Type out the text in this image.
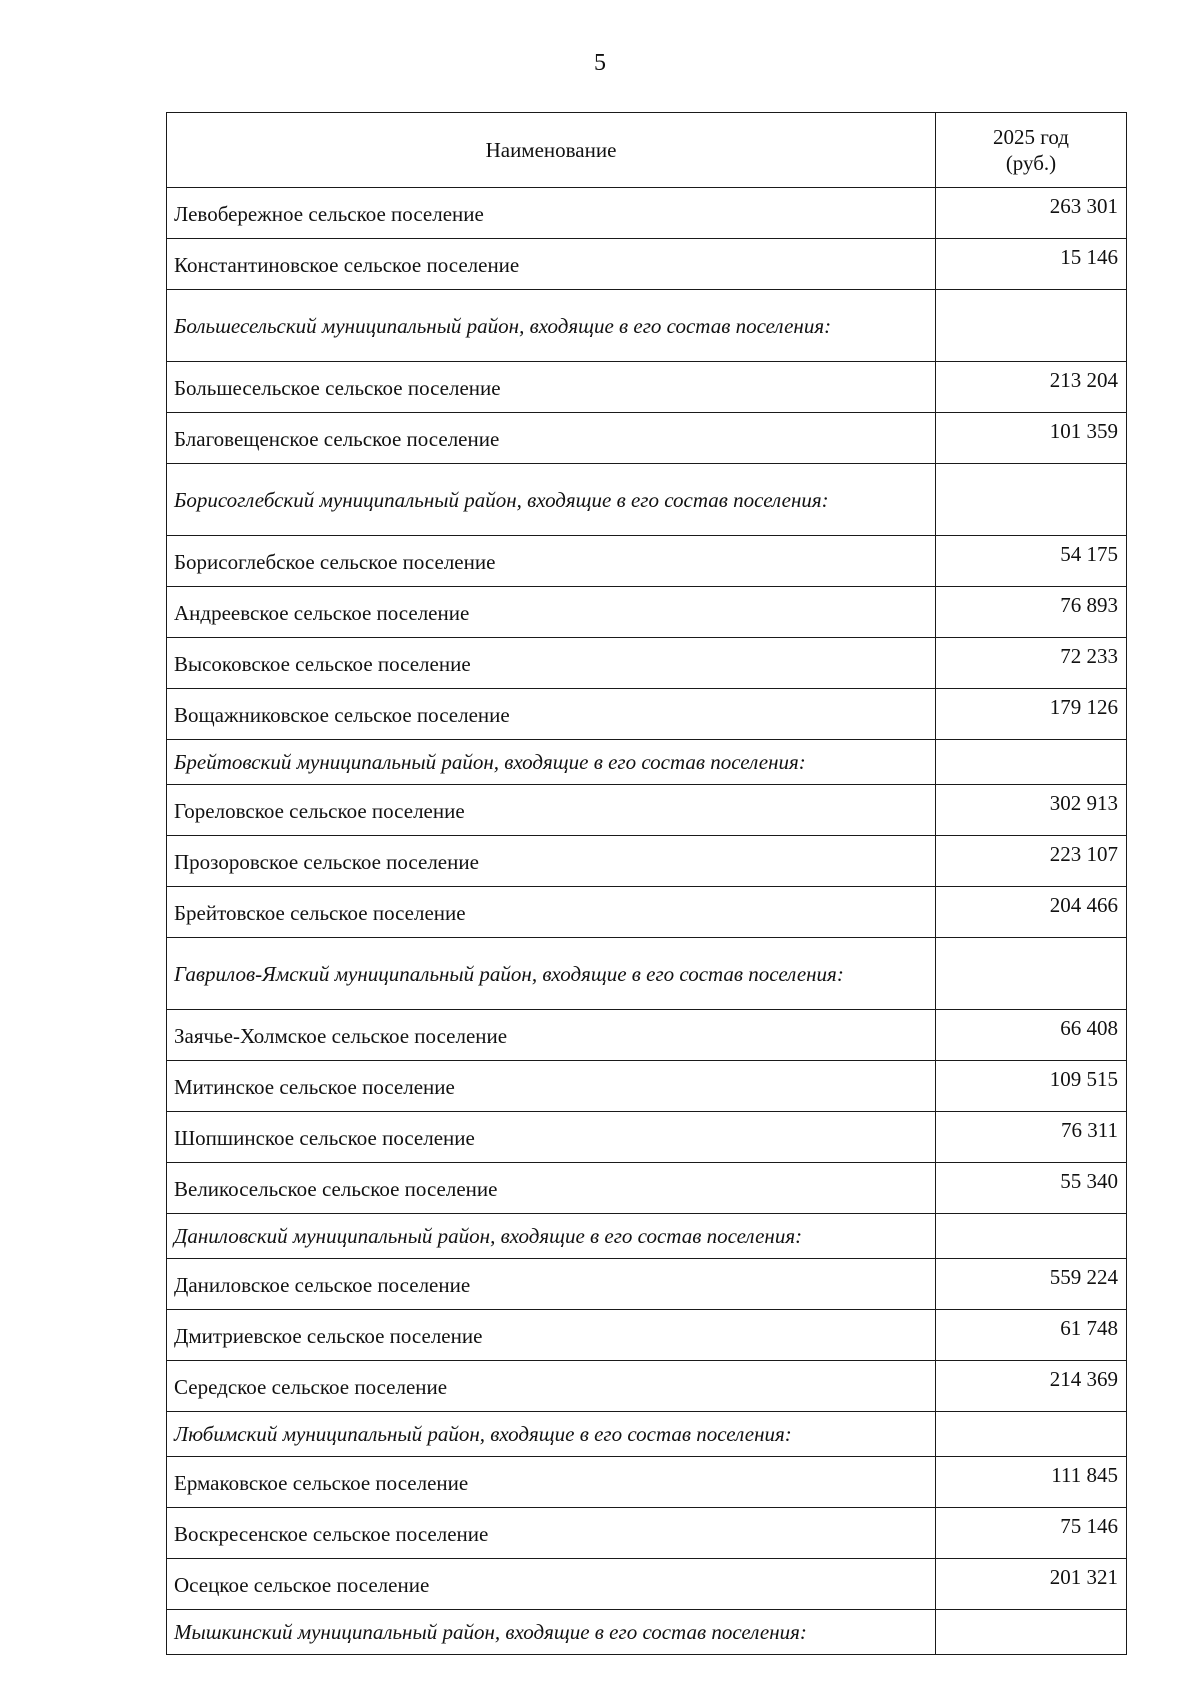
5
Наименование	2025 год
(руб.)
Левобережное сельское поселение	263 301
Константиновское сельское поселение	15 146
Большесельский муниципальный район, входящие в его состав поселения:	
Большесельское сельское поселение	213 204
Благовещенское сельское поселение	101 359
Борисоглебский муниципальный район, входящие в его состав поселения:	
Борисоглебское сельское поселение	54 175
Андреевское сельское поселение	76 893
Высоковское сельское поселение	72 233
Вощажниковское сельское поселение	179 126
Брейтовский муниципальный район, входящие в его состав поселения:	
Гореловское сельское поселение	302 913
Прозоровское сельское поселение	223 107
Брейтовское сельское поселение	204 466
Гаврилов-Ямский муниципальный район, входящие в его состав поселения:	
Заячье-Холмское сельское поселение	66 408
Митинское сельское поселение	109 515
Шопшинское сельское поселение	76 311
Великосельское сельское поселение	55 340
Даниловский муниципальный район, входящие в его состав поселения:	
Даниловское сельское поселение	559 224
Дмитриевское сельское поселение	61 748
Середское сельское поселение	214 369
Любимский муниципальный район, входящие в его состав поселения:	
Ермаковское сельское поселение	111 845
Воскресенское сельское поселение	75 146
Осецкое сельское поселение	201 321
Мышкинский муниципальный район, входящие в его состав поселения:	
